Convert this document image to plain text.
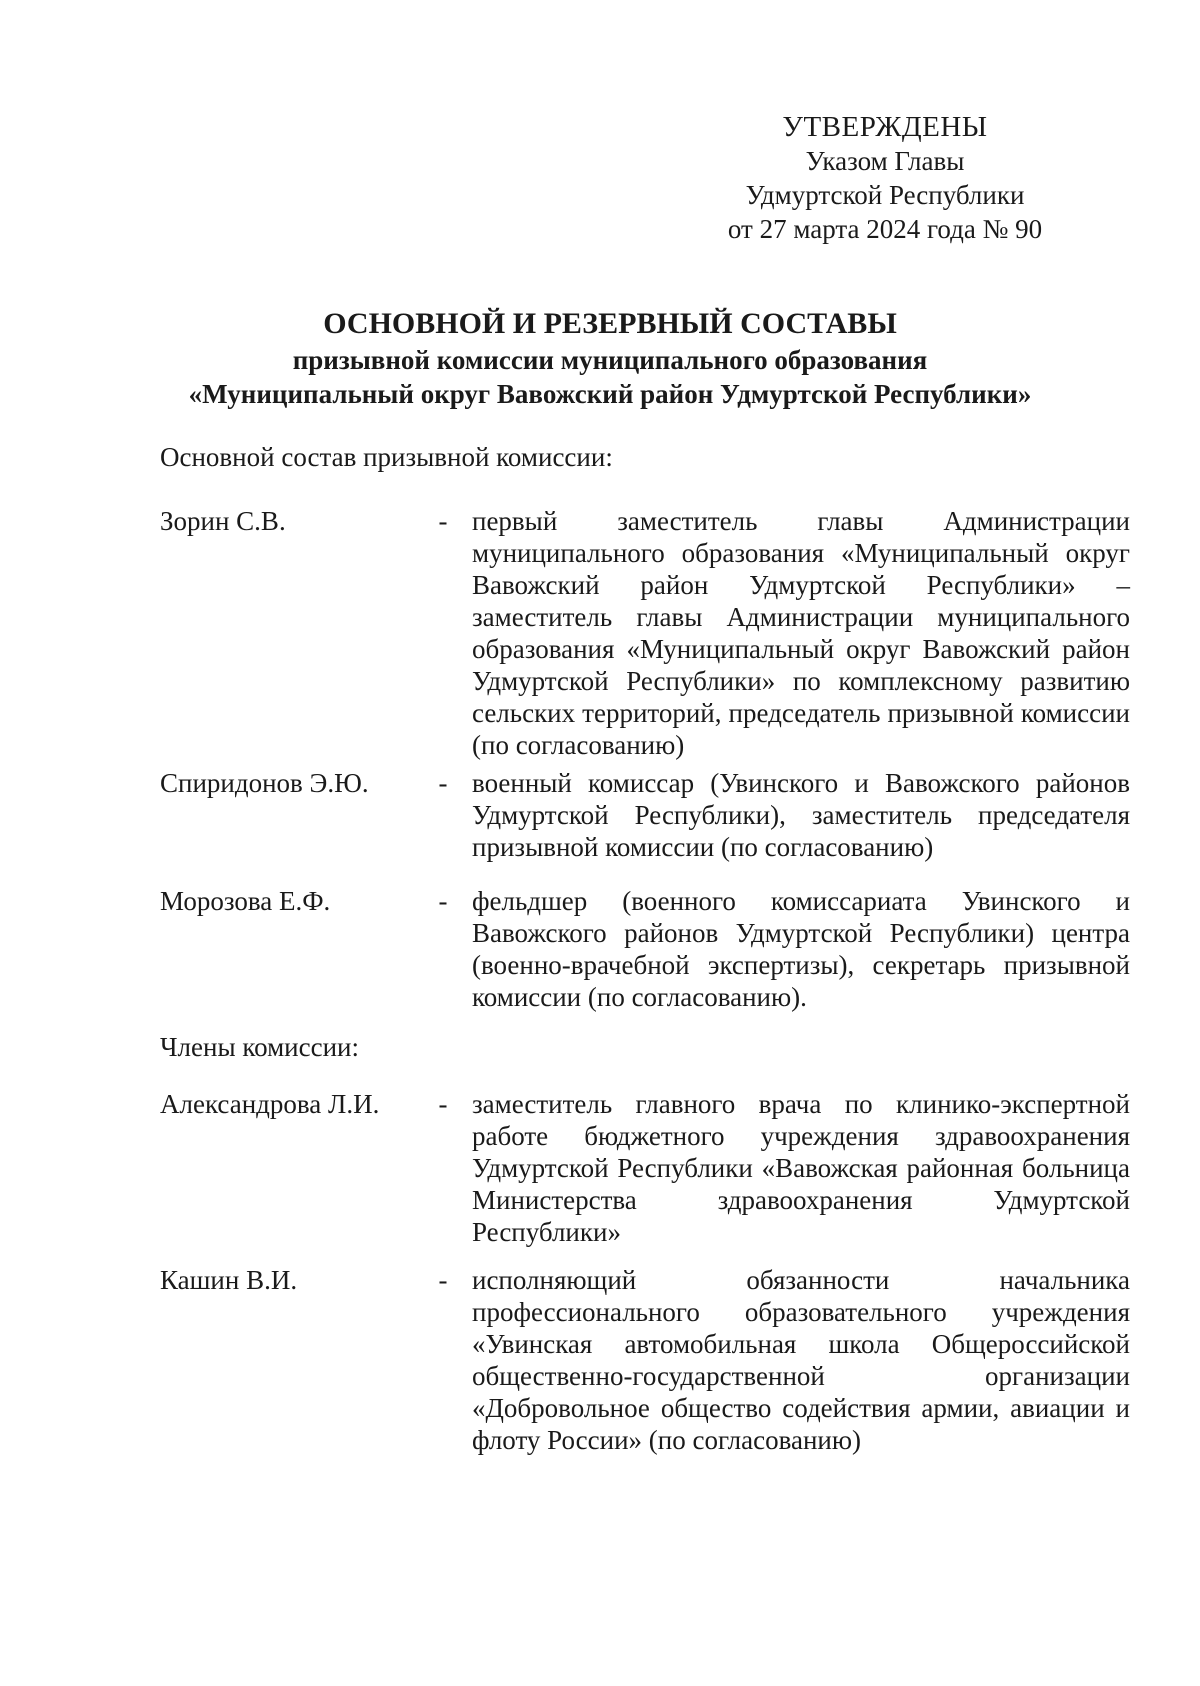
УТВЕРЖДЕНЫ
Указом Главы
Удмуртской Республики
от 27 марта 2024 года № 90
ОСНОВНОЙ И РЕЗЕРВНЫЙ СОСТАВЫ
призывной комиссии муниципального образования
«Муниципальный округ Вавожский район Удмуртской Республики»
Основной состав призывной комиссии:
Зорин С.В.	- первый заместитель главы Администрации муниципального образования «Муниципальный округ Вавожский район Удмуртской Республики» – заместитель главы Администрации муниципального образования «Муниципальный округ Вавожский район Удмуртской Республики» по комплексному развитию сельских территорий, председатель призывной комиссии (по согласованию)
Спиридонов Э.Ю.	- военный комиссар (Увинского и Вавожского районов Удмуртской Республики), заместитель председателя призывной комиссии (по согласованию)
Морозова Е.Ф.	- фельдшер (военного комиссариата Увинского и Вавожского районов Удмуртской Республики) центра (военно-врачебной экспертизы), секретарь призывной комиссии (по согласованию).
Члены комиссии:
Александрова Л.И.	- заместитель главного врача по клинико-экспертной работе бюджетного учреждения здравоохранения Удмуртской Республики «Вавожская районная больница Министерства здравоохранения Удмуртской Республики»
Кашин В.И.	- исполняющий обязанности начальника профессионального образовательного учреждения «Увинская автомобильная школа Общероссийской общественно-государственной организации «Добровольное общество содействия армии, авиации и флоту России» (по согласованию)
